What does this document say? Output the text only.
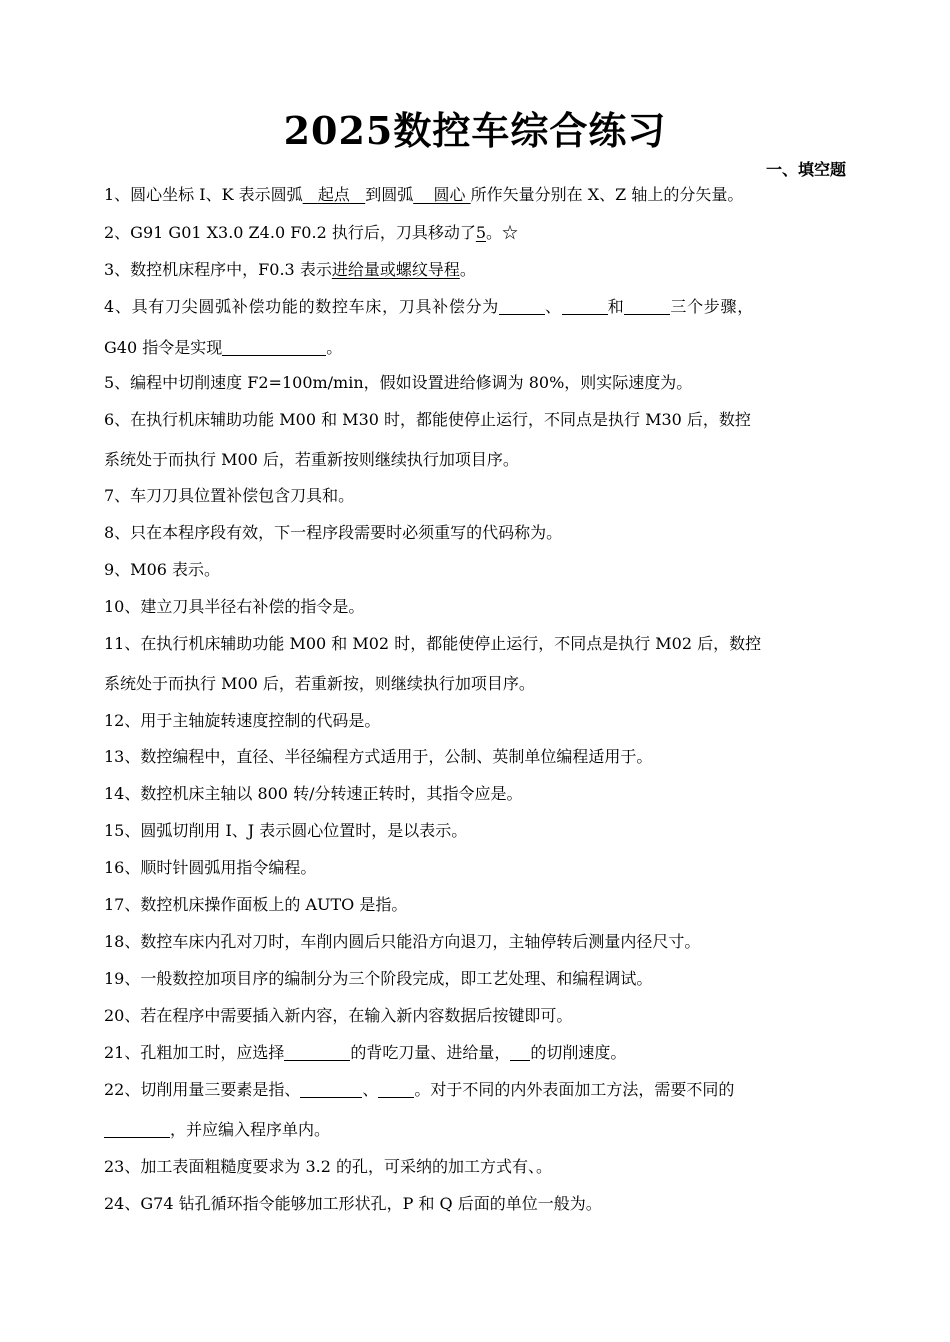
2025数控车综合练习
一、填空题
1、圆心坐标 I、K 表示圆弧 起点 到圆弧 圆心 所作矢量分别在 X、Z 轴上的分矢量。
2、G91 G01 X3.0 Z4.0 F0.2 执行后，刀具移动了5。☆
3、数控机床程序中，F0.3 表示进给量或螺纹导程。
4、具有刀尖圆弧补偿功能的数控车床，刀具补偿分为	、	和	三个步骤，
G40 指令是实现	。
5、编程中切削速度 F2=100m/min，假如设置进给修调为 80%，则实际速度为。
6、在执行机床辅助功能 M00 和 M30 时，都能使停止运行，不同点是执行 M30 后，数控
系统处于而执行 M00 后，若重新按则继续执行加项目序。
7、车刀刀具位置补偿包含刀具和。
8、只在本程序段有效，下一程序段需要时必须重写的代码称为。
9、M06 表示。
10、建立刀具半径右补偿的指令是。
11、在执行机床辅助功能 M00 和 M02 时，都能使停止运行，不同点是执行 M02 后，数控
系统处于而执行 M00 后，若重新按，则继续执行加项目序。
12、用于主轴旋转速度控制的代码是。
13、数控编程中，直径、半径编程方式适用于，公制、英制单位编程适用于。
14、数控机床主轴以 800 转/分转速正转时，其指令应是。
15、圆弧切削用 I、J 表示圆心位置时，是以表示。
16、顺时针圆弧用指令编程。
17、数控机床操作面板上的 AUTO 是指。
18、数控车床内孔对刀时，车削内圆后只能沿方向退刀，主轴停转后测量内径尺寸。
19、一般数控加项目序的编制分为三个阶段完成，即工艺处理、和编程调试。
20、若在程序中需要插入新内容，在输入新内容数据后按键即可。
21、孔粗加工时，应选择	的背吃刀量、进给量， 的切削速度。
22、切削用量三要素是指、	、 。对于不同的内外表面加工方法，需要不同的
，并应编入程序单内。
23、加工表面粗糙度要求为 3.2 的孔，可采纳的加工方式有、。
24、G74 钻孔循环指令能够加工形状孔，P 和 Q 后面的单位一般为。
